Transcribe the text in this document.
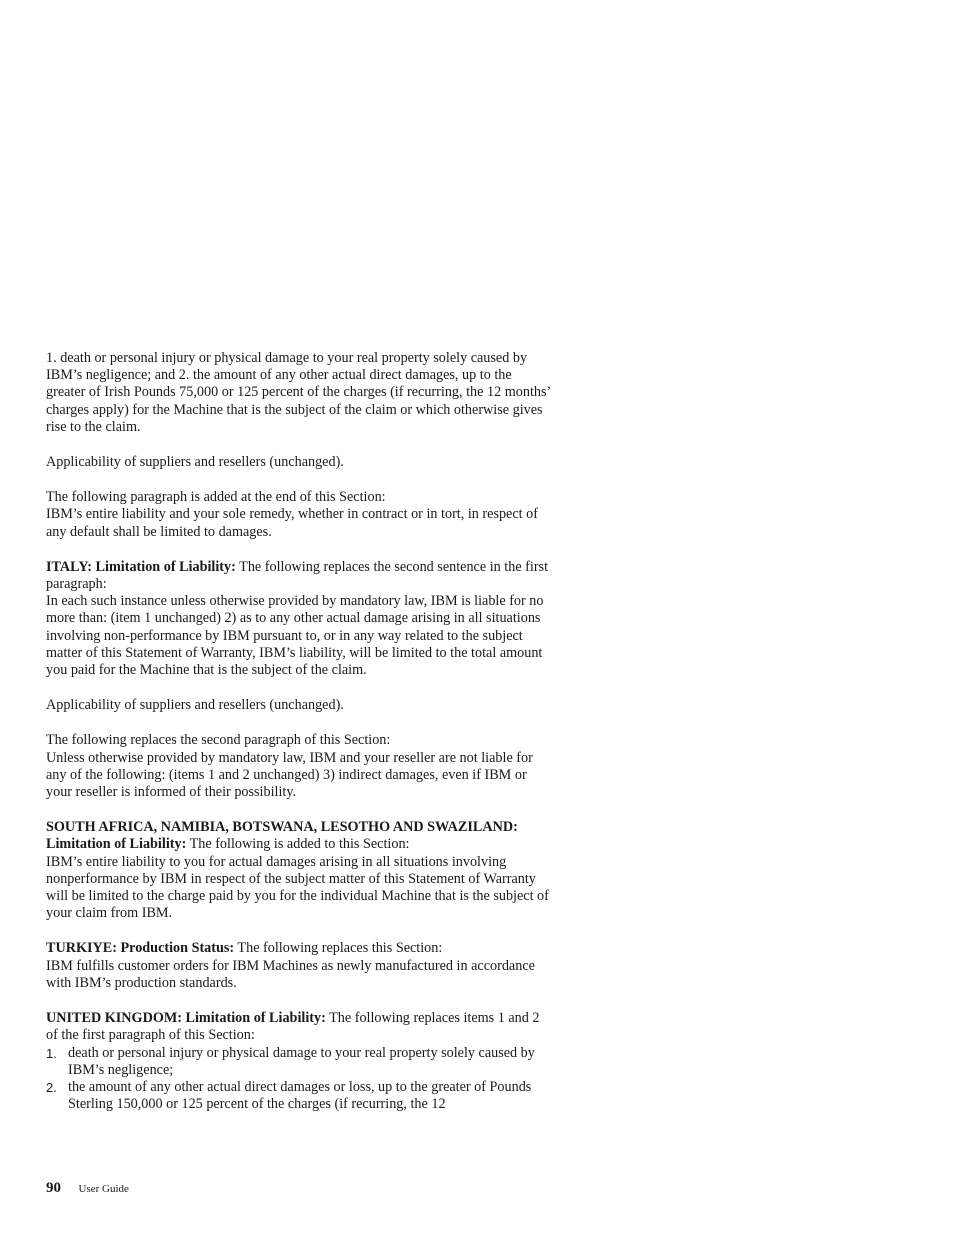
1. death or personal injury or physical damage to your real property solely caused by IBM’s negligence; and 2. the amount of any other actual direct damages, up to the greater of Irish Pounds 75,000 or 125 percent of the charges (if recurring, the 12 months’ charges apply) for the Machine that is the subject of the claim or which otherwise gives rise to the claim.

Applicability of suppliers and resellers (unchanged).

The following paragraph is added at the end of this Section:

IBM’s entire liability and your sole remedy, whether in contract or in tort, in respect of any default shall be limited to damages.

ITALY: Limitation of Liability: The following replaces the second sentence in the first paragraph:

In each such instance unless otherwise provided by mandatory law, IBM is liable for no more than: (item 1 unchanged) 2) as to any other actual damage arising in all situations involving non-performance by IBM pursuant to, or in any way related to the subject matter of this Statement of Warranty, IBM’s liability, will be limited to the total amount you paid for the Machine that is the subject of the claim.

Applicability of suppliers and resellers (unchanged).

The following replaces the second paragraph of this Section:

Unless otherwise provided by mandatory law, IBM and your reseller are not liable for any of the following: (items 1 and 2 unchanged) 3) indirect damages, even if IBM or your reseller is informed of their possibility.

SOUTH AFRICA, NAMIBIA, BOTSWANA, LESOTHO AND SWAZILAND:

Limitation of Liability: The following is added to this Section:

IBM’s entire liability to you for actual damages arising in all situations involving nonperformance by IBM in respect of the subject matter of this Statement of Warranty will be limited to the charge paid by you for the individual Machine that is the subject of your claim from IBM.

TURKIYE: Production Status: The following replaces this Section:

IBM fulfills customer orders for IBM Machines as newly manufactured in accordance with IBM’s production standards.

UNITED KINGDOM: Limitation of Liability: The following replaces items 1 and 2 of the first paragraph of this Section:

1. death or personal injury or physical damage to your real property solely caused by IBM’s negligence;
2. the amount of any other actual direct damages or loss, up to the greater of Pounds Sterling 150,000 or 125 percent of the charges (if recurring, the 12
90 User Guide
